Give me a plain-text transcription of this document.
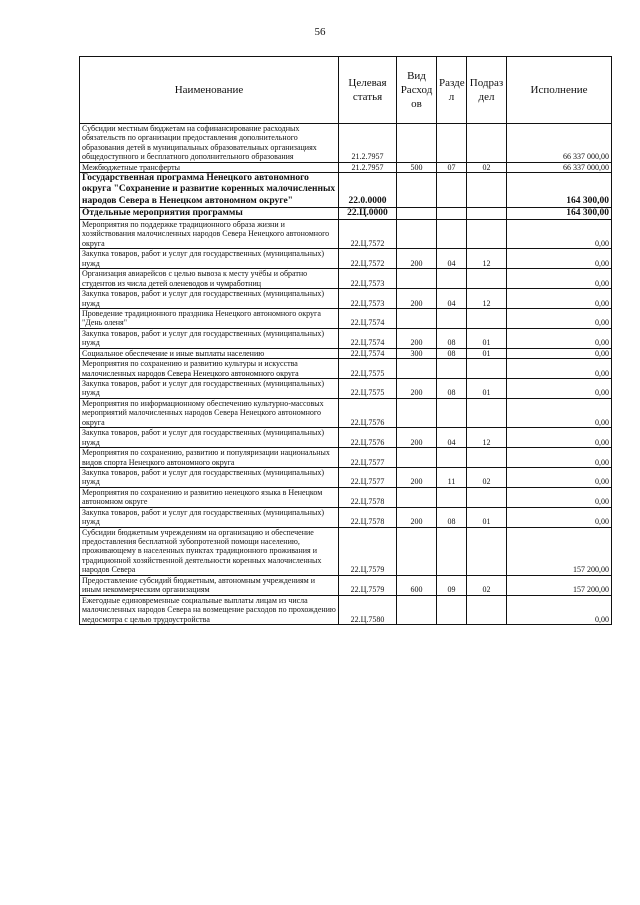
56
Наименование	Целевая статья	Вид Расход ов	Разде л	Подраз дел	Исполнение
Субсидии местным бюджетам на софинансирование расходных обязательств по организации предоставления дополнительного образования детей в муниципальных образовательных организациях общедоступного и бесплатного дополнительного образования	21.2.7957				66 337 000,00
Межбюджетные трансферты	21.2.7957	500	07	02	66 337 000,00
Государственная программа Ненецкого автономного округа "Сохранение и развитие коренных малочисленных народов Севера в Ненецком автономном округе"	22.0.0000				164 300,00
Отдельные мероприятия программы	22.Ц.0000				164 300,00
Мероприятия по поддержке традиционного образа жизни и хозяйствования малочисленных народов Севера Ненецкого автономного округа	22.Ц.7572				0,00
Закупка товаров, работ и услуг для государственных (муниципальных) нужд	22.Ц.7572	200	04	12	0,00
Организация авиарейсов с целью вывоза к месту учёбы и обратно студентов из числа детей оленеводов и чумработниц	22.Ц.7573				0,00
Закупка товаров, работ и услуг для государственных (муниципальных) нужд	22.Ц.7573	200	04	12	0,00
Проведение традиционного праздника Ненецкого автономного округа "День оленя"	22.Ц.7574				0,00
Закупка товаров, работ и услуг для государственных (муниципальных) нужд	22.Ц.7574	200	08	01	0,00
Социальное обеспечение и иные выплаты населению	22.Ц.7574	300	08	01	0,00
Мероприятия по сохранению и развитию культуры и искусства малочисленных народов Севера Ненецкого автономного округа	22.Ц.7575				0,00
Закупка товаров, работ и услуг для государственных (муниципальных) нужд	22.Ц.7575	200	08	01	0,00
Мероприятия по информационному обеспечению культурно-массовых мероприятий малочисленных народов Севера Ненецкого автономного округа	22.Ц.7576				0,00
Закупка товаров, работ и услуг для государственных (муниципальных) нужд	22.Ц.7576	200	04	12	0,00
Мероприятия по сохранению, развитию и популяризации национальных видов спорта Ненецкого автономного округа	22.Ц.7577				0,00
Закупка товаров, работ и услуг для государственных (муниципальных) нужд	22.Ц.7577	200	11	02	0,00
Мероприятия по сохранению и развитию ненецкого языка в Ненецком автономном округе	22.Ц.7578				0,00
Закупка товаров, работ и услуг для государственных (муниципальных) нужд	22.Ц.7578	200	08	01	0,00
Субсидии бюджетным учреждениям на организацию и обеспечение предоставления бесплатной зубопротезной помощи населению, проживающему в населенных пунктах традиционного проживания и традиционной хозяйственной деятельности коренных малочисленных народов Севера	22.Ц.7579				157 200,00
Предоставление субсидий бюджетным, автономным учреждениям и иным некоммерческим организациям	22.Ц.7579	600	09	02	157 200,00
Ежегодные единовременные социальные выплаты лицам из числа малочисленных народов Севера на возмещение расходов по прохождению медосмотра с целью трудоустройства	22.Ц.7580				0,00
